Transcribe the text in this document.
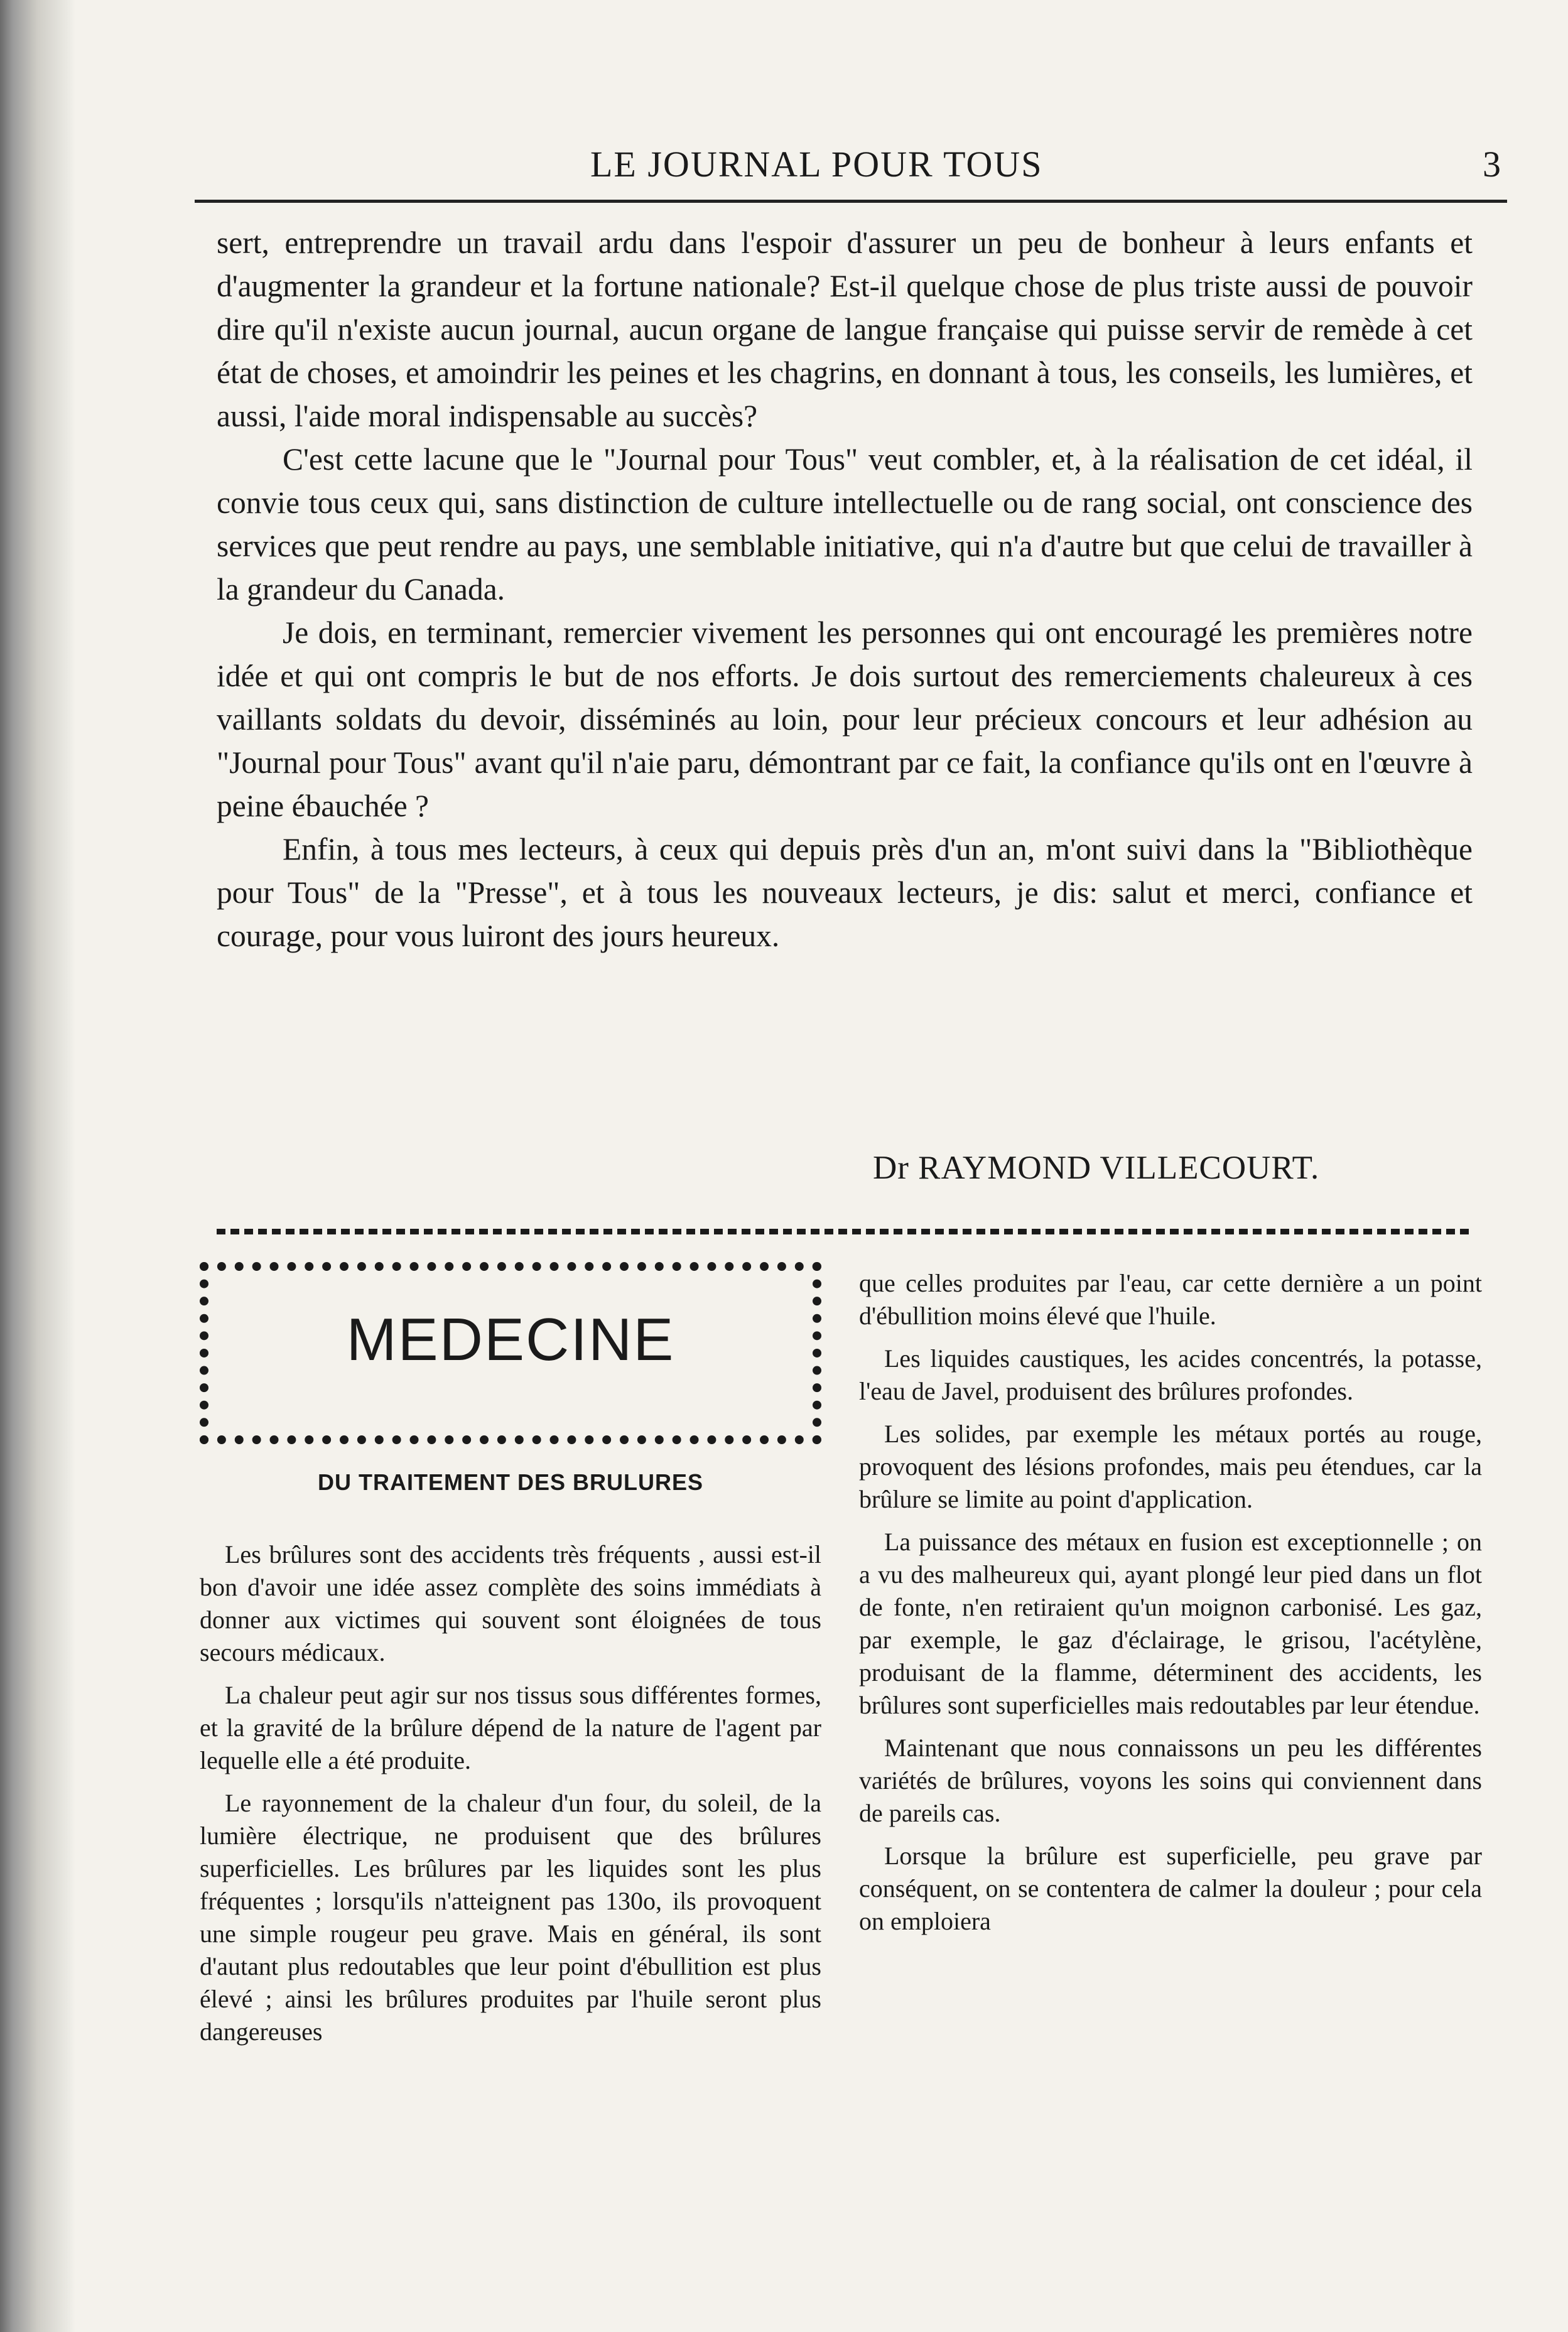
LE JOURNAL POUR TOUS	3

sert, entreprendre un travail ardu dans l'espoir d'assurer un peu de bonheur à leurs enfants et d'augmenter la grandeur et la fortune nationale? Est-il quelque chose de plus triste aussi de pouvoir dire qu'il n'existe aucun journal, aucun organe de langue française qui puisse servir de remède à cet état de choses, et amoindrir les peines et les chagrins, en donnant à tous, les conseils, les lumières, et aussi, l'aide moral indispensable au succès?

C'est cette lacune que le "Journal pour Tous" veut combler, et, à la réalisation de cet idéal, il convie tous ceux qui, sans distinction de culture intellectuelle ou de rang social, ont conscience des services que peut rendre au pays, une semblable initiative, qui n'a d'autre but que celui de travailler à la grandeur du Canada.

Je dois, en terminant, remercier vivement les personnes qui ont encouragé les premières notre idée et qui ont compris le but de nos efforts. Je dois surtout des remerciements chaleureux à ces vaillants soldats du devoir, disséminés au loin, pour leur précieux concours et leur adhésion au "Journal pour Tous" avant qu'il n'aie paru, démontrant par ce fait, la confiance qu'ils ont en l'œuvre à peine ébauchée ?

Enfin, à tous mes lecteurs, à ceux qui depuis près d'un an, m'ont suivi dans la "Bibliothèque pour Tous" de la "Presse", et à tous les nouveaux lecteurs, je dis: salut et merci, confiance et courage, pour vous luiront des jours heureux.

Dr RAYMOND VILLECOURT.
MEDECINE
DU TRAITEMENT DES BRULURES

Les brûlures sont des accidents très fréquents , aussi est-il bon d'avoir une idée assez complète des soins immédiats à donner aux victimes qui souvent sont éloignées de tous secours médicaux.

La chaleur peut agir sur nos tissus sous différentes formes, et la gravité de la brûlure dépend de la nature de l'agent par lequelle elle a été produite.

Le rayonnement de la chaleur d'un four, du soleil, de la lumière électrique, ne produisent que des brûlures superficielles. Les brûlures par les liquides sont les plus fréquentes ; lorsqu'ils n'atteignent pas 130o, ils provoquent une simple rougeur peu grave. Mais en général, ils sont d'autant plus redoutables que leur point d'ébullition est plus élevé ; ainsi les brûlures produites par l'huile seront plus dangereuses

que celles produites par l'eau, car cette dernière a un point d'ébullition moins élevé que l'huile.

Les liquides caustiques, les acides concentrés, la potasse, l'eau de Javel, produisent des brûlures profondes.

Les solides, par exemple les métaux portés au rouge, provoquent des lésions profondes, mais peu étendues, car la brûlure se limite au point d'application.

La puissance des métaux en fusion est exceptionnelle ; on a vu des malheureux qui, ayant plongé leur pied dans un flot de fonte, n'en retiraient qu'un moignon carbonisé. Les gaz, par exemple, le gaz d'éclairage, le grisou, l'acétylène, produisant de la flamme, déterminent des accidents, les brûlures sont superficielles mais redoutables par leur étendue.

Maintenant que nous connaissons un peu les différentes variétés de brûlures, voyons les soins qui conviennent dans de pareils cas.

Lorsque la brûlure est superficielle, peu grave par conséquent, on se contentera de calmer la douleur ; pour cela on emploiera
